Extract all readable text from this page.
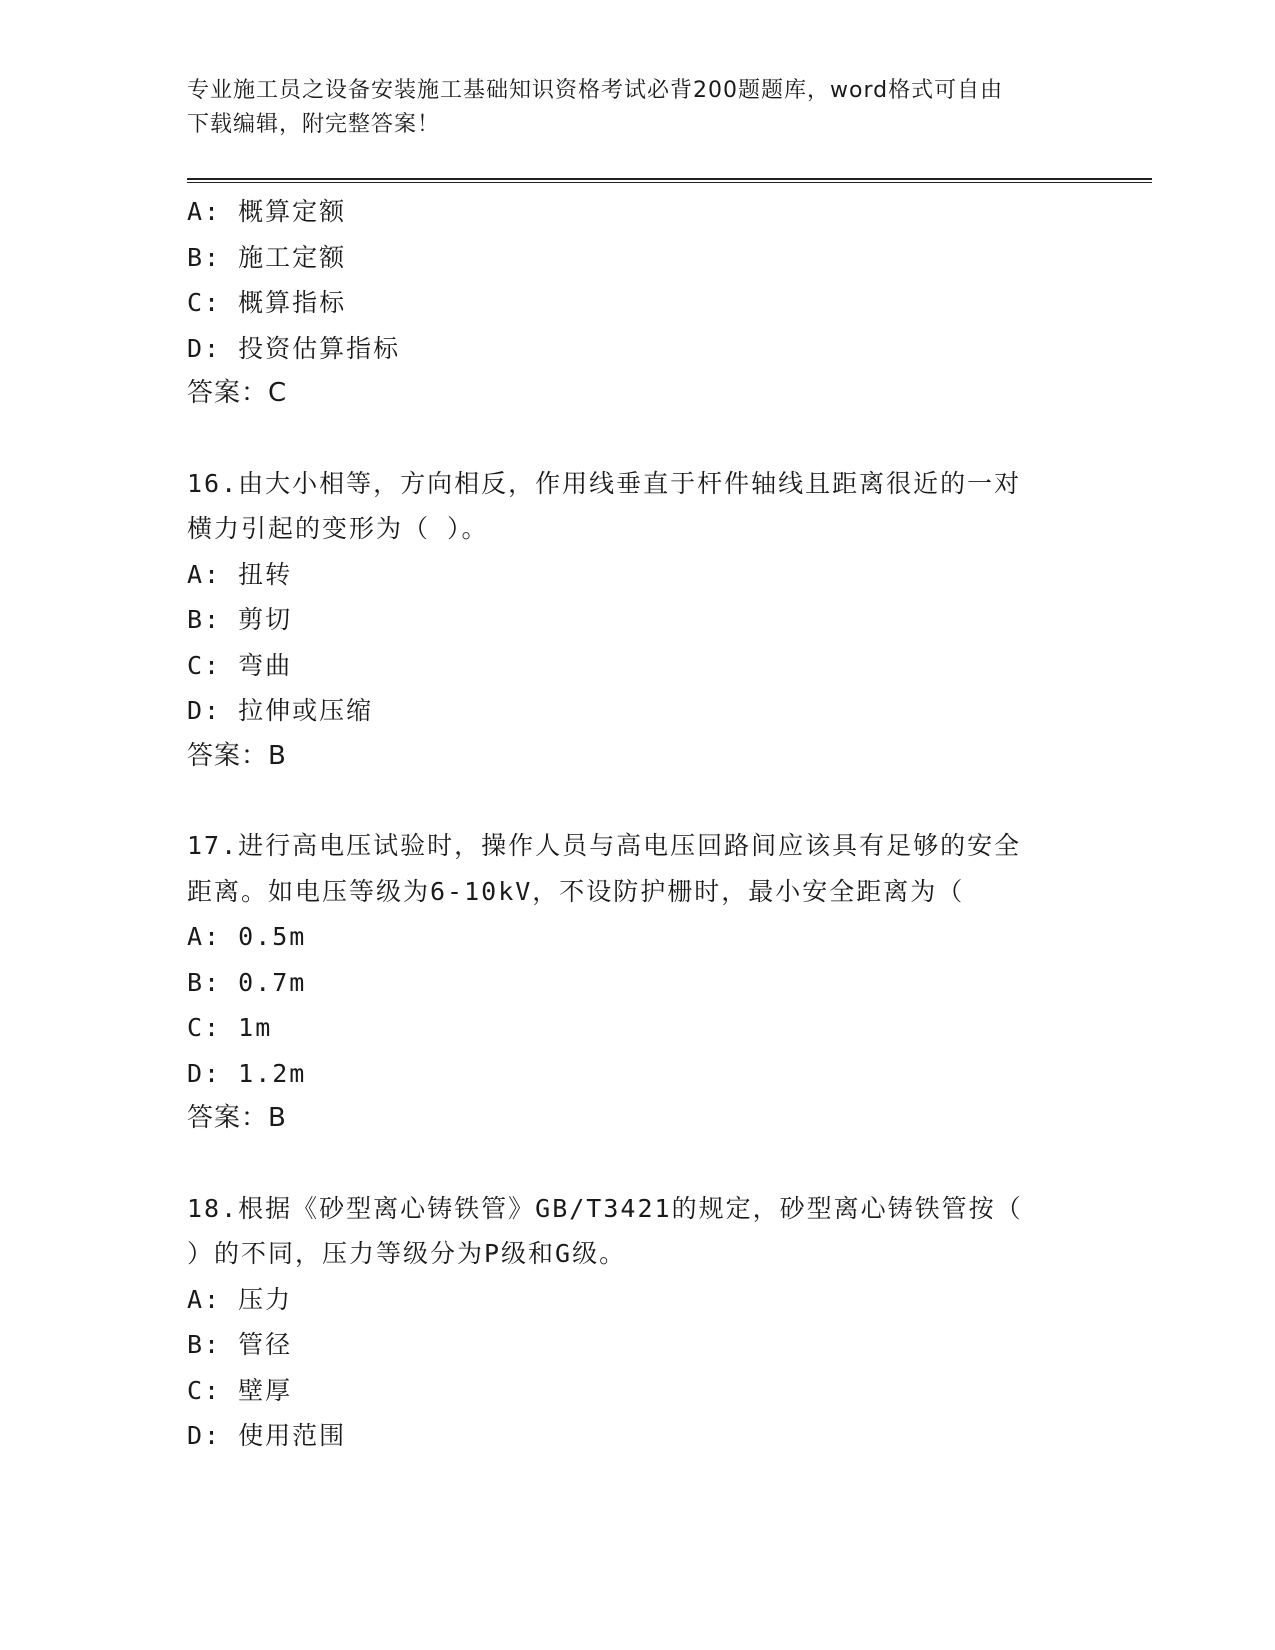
专业施工员之设备安装施工基础知识资格考试必背200题题库，word格式可自由
下载编辑，附完整答案！
A: 概算定额
B: 施工定额
C: 概算指标
D: 投资估算指标
答案：C
16.由大小相等，方向相反，作用线垂直于杆件轴线且距离很近的一对
横力引起的变形为（ ）。
A: 扭转
B: 剪切
C: 弯曲
D: 拉伸或压缩
答案：B
17.进行高电压试验时，操作人员与高电压回路间应该具有足够的安全
距离。如电压等级为6-10kV，不设防护栅时，最小安全距离为（
A: 0.5m
B: 0.7m
C: 1m
D: 1.2m
答案：B
18.根据《砂型离心铸铁管》GB/T3421的规定，砂型离心铸铁管按（
）的不同，压力等级分为P级和G级。
A: 压力
B: 管径
C: 壁厚
D: 使用范围
